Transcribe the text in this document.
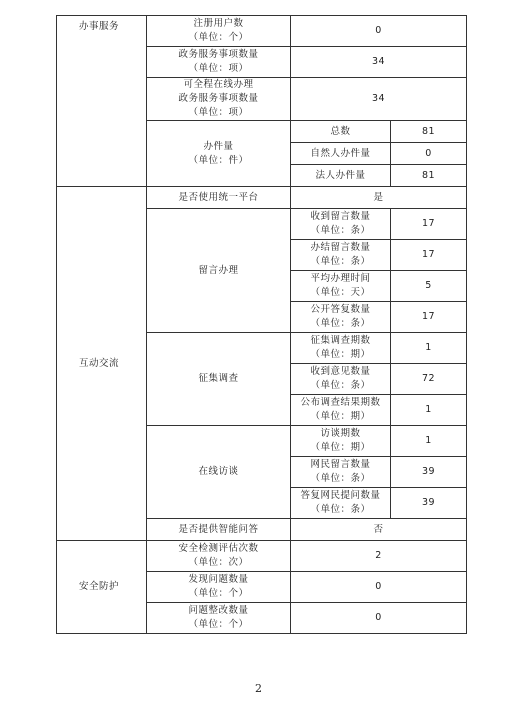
办事服务	注册用户数
（单位：个）	0	

	政务服务事项数量
（单位：项）	34	

	可全程在线办理
政务服务事项数量
（单位：项）	34	

	办件量
（单位：件）	总数	81
		自然人办件量	0
		法人办件量	81
互动交流	是否使用统一平台	是	
	留言办理	收到留言数量
（单位：条）	17

		办结留言数量
（单位：条）	17

		平均办理时间
（单位：天）	5

		公开答复数量
（单位：条）	17
	征集调查	征集调查期数
（单位：期）	1

		收到意见数量
（单位：条）	72

		公布调查结果期数
（单位：期）	1
	在线访谈	访谈期数
（单位：期）	1

		网民留言数量
（单位：条）	39

		答复网民提问数量
（单位：条）	39
	是否提供智能问答	否	
安全防护	安全检测评估次数
（单位：次）	2	

	发现问题数量
（单位：个）	0	

	问题整改数量
（单位：个）	0	
2
